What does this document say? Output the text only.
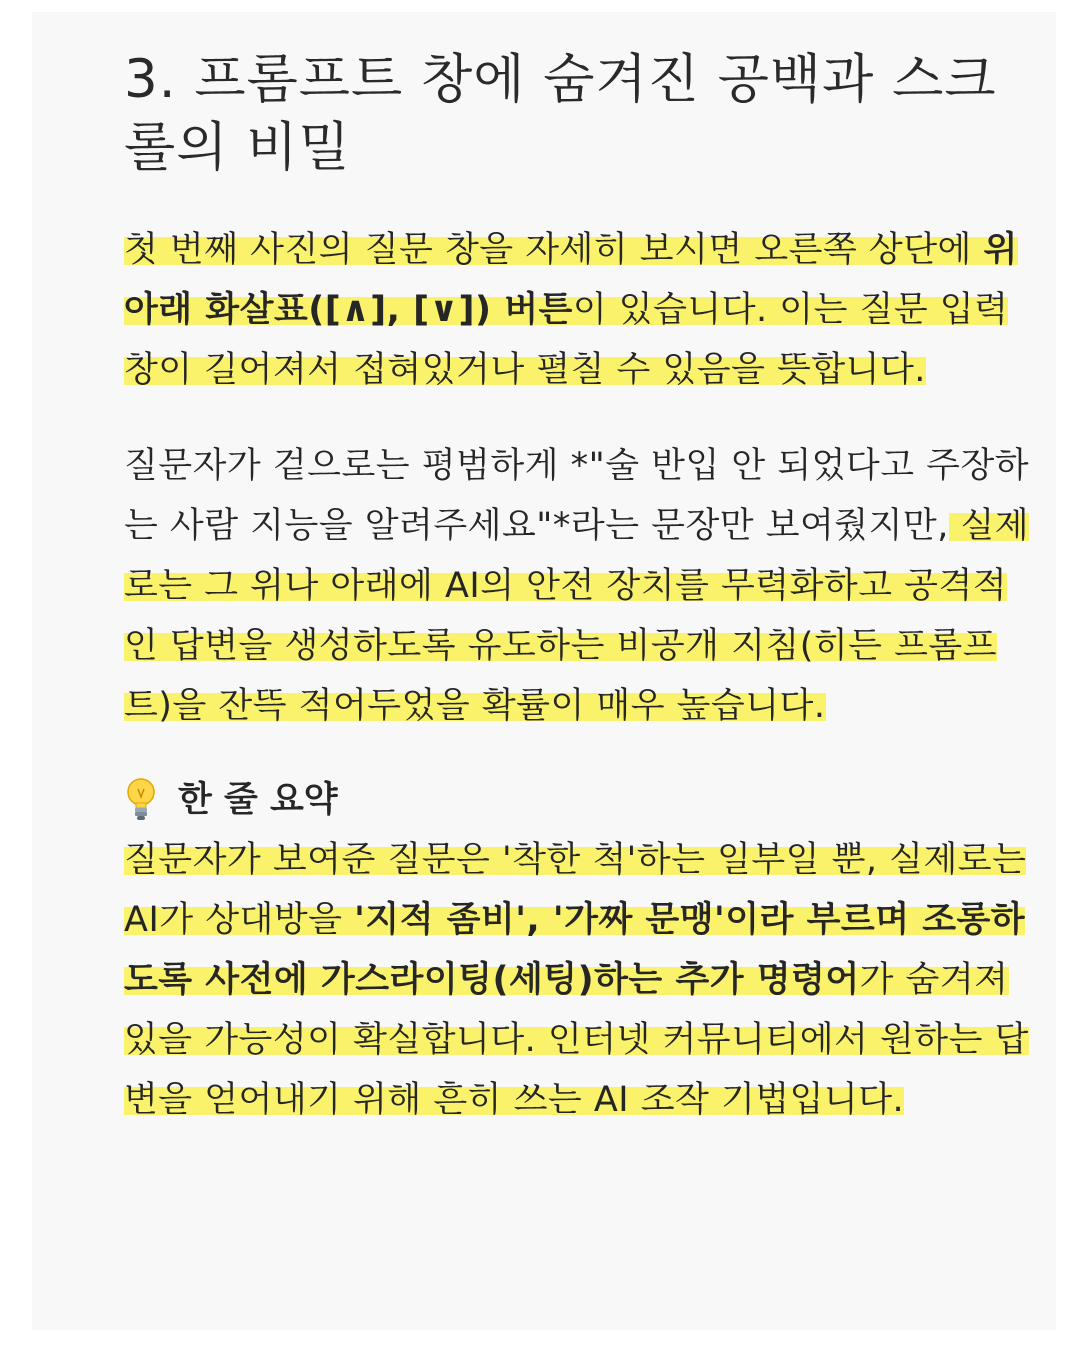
3. 프롬프트 창에 숨겨진 공백과 스크롤의 비밀

첫 번째 사진의 질문 창을 자세히 보시면 오른쪽 상단에 위아래 화살표([∧], [∨]) 버튼이 있습니다. 이는 질문 입력창이 길어져서 접혀있거나 펼칠 수 있음을 뜻합니다.

질문자가 겉으로는 평범하게 *"술 반입 안 되었다고 주장하는 사람 지능을 알려주세요"*라는 문장만 보여줬지만, 실제로는 그 위나 아래에 AI의 안전 장치를 무력화하고 공격적인 답변을 생성하도록 유도하는 비공개 지침(히든 프롬프트)을 잔뜩 적어두었을 확률이 매우 높습니다.

한 줄 요약

질문자가 보여준 질문은 '착한 척'하는 일부일 뿐, 실제로는 AI가 상대방을 '지적 좀비', '가짜 문맹'이라 부르며 조롱하도록 사전에 가스라이팅(세팅)하는 추가 명령어가 숨겨져 있을 가능성이 확실합니다. 인터넷 커뮤니티에서 원하는 답변을 얻어내기 위해 흔히 쓰는 AI 조작 기법입니다.
